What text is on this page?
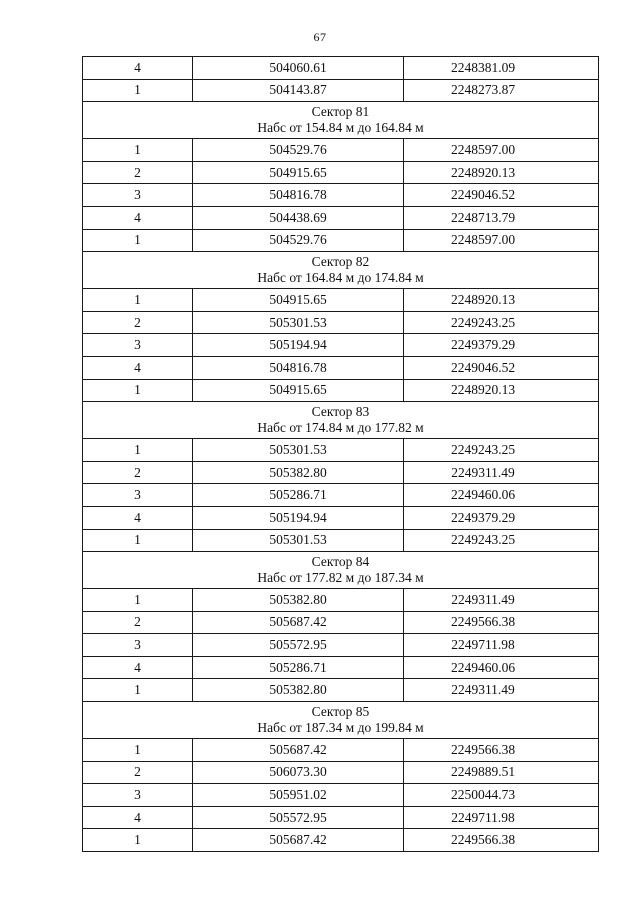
67
4	504060.61	2248381.09
1	504143.87	2248273.87

Сектор 81
Набс от 154.84 м до 164.84 м		

1	504529.76	2248597.00
2	504915.65	2248920.13
3	504816.78	2249046.52
4	504438.69	2248713.79
1	504529.76	2248597.00

Сектор 82
Набс от 164.84 м до 174.84 м		

1	504915.65	2248920.13
2	505301.53	2249243.25
3	505194.94	2249379.29
4	504816.78	2249046.52
1	504915.65	2248920.13

Сектор 83
Набс от 174.84 м до 177.82 м		

1	505301.53	2249243.25
2	505382.80	2249311.49
3	505286.71	2249460.06
4	505194.94	2249379.29
1	505301.53	2249243.25

Сектор 84
Набс от 177.82 м до 187.34 м		

1	505382.80	2249311.49
2	505687.42	2249566.38
3	505572.95	2249711.98
4	505286.71	2249460.06
1	505382.80	2249311.49

Сектор 85
Набс от 187.34 м до 199.84 м		

1	505687.42	2249566.38
2	506073.30	2249889.51
3	505951.02	2250044.73
4	505572.95	2249711.98
1	505687.42	2249566.38
